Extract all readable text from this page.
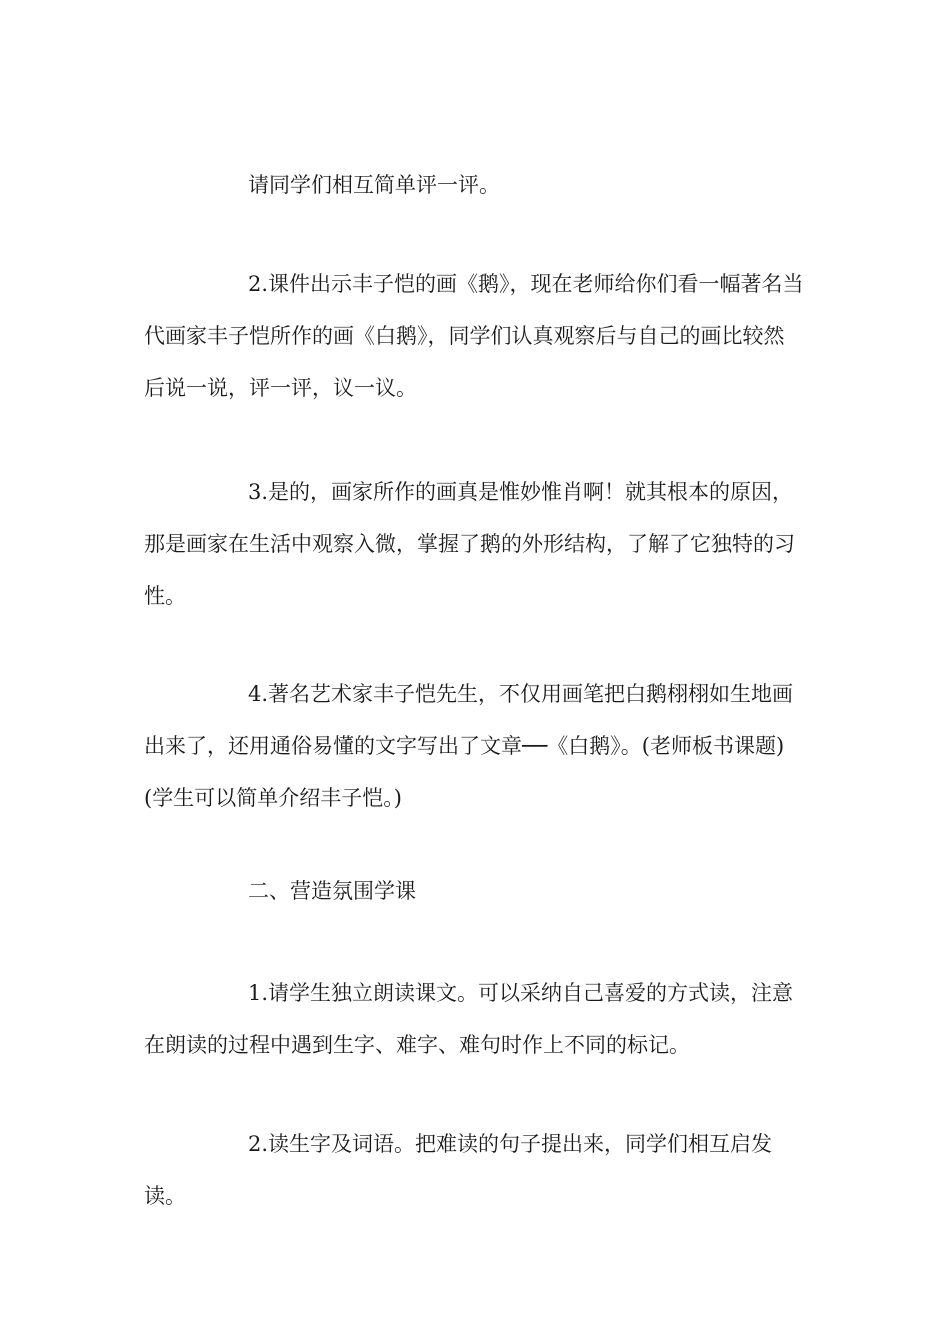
请同学们相互简单评一评。

2.课件出示丰子恺的画《鹅》，现在老师给你们看一幅著名当代画家丰子恺所作的画《白鹅》，同学们认真观察后与自己的画比较然后说一说，评一评，议一议。

3.是的，画家所作的画真是惟妙惟肖啊！就其根本的原因，那是画家在生活中观察入微，掌握了鹅的外形结构，了解了它独特的习性。

4.著名艺术家丰子恺先生，不仅用画笔把白鹅栩栩如生地画出来了，还用通俗易懂的文字写出了文章──《白鹅》。(老师板书课题)(学生可以简单介绍丰子恺。)

二、营造氛围学课

1.请学生独立朗读课文。可以采纳自己喜爱的方式读，注意在朗读的过程中遇到生字、难字、难句时作上不同的标记。

2.读生字及词语。把难读的句子提出来，同学们相互启发读。
